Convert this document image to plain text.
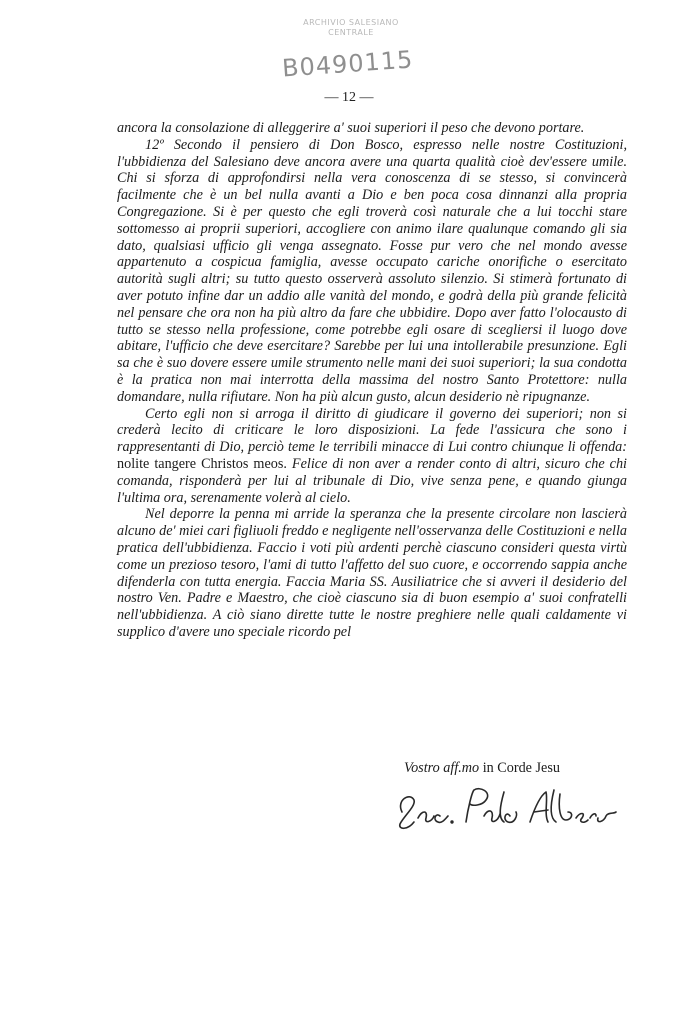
ARCHIVIO SALESIANO
CENTRALE
B0490115
— 12 —

ancora la consolazione di alleggerire a' suoi superiori il peso che devono portare.

12º Secondo il pensiero di Don Bosco, espresso nelle nostre Costituzioni, l'ubbidienza del Salesiano deve ancora avere una quarta qualità cioè dev'essere umile. Chi si sforza di approfondirsi nella vera conoscenza di se stesso, si convincerà facilmente che è un bel nulla avanti a Dio e ben poca cosa dinnanzi alla propria Congregazione. Si è per questo che egli troverà così naturale che a lui tocchi stare sottomesso ai proprii superiori, accogliere con animo ilare qualunque comando gli sia dato, qualsiasi ufficio gli venga assegnato. Fosse pur vero che nel mondo avesse appartenuto a cospicua famiglia, avesse occupato cariche onorifiche o esercitato autorità sugli altri; su tutto questo osserverà assoluto silenzio. Si stimerà fortunato di aver potuto infine dar un addio alle vanità del mondo, e godrà della più grande felicità nel pensare che ora non ha più altro da fare che ubbidire. Dopo aver fatto l'olocausto di tutto se stesso nella professione, come potrebbe egli osare di scegliersi il luogo dove abitare, l'ufficio che deve esercitare? Sarebbe per lui una intollerabile presunzione. Egli sa che è suo dovere essere umile strumento nelle mani dei suoi superiori; la sua condotta è la pratica non mai interrotta della massima del nostro Santo Protettore: nulla domandare, nulla rifiutare. Non ha più alcun gusto, alcun desiderio nè ripugnanze.

Certo egli non si arroga il diritto di giudicare il governo dei superiori; non si crederà lecito di criticare le loro disposizioni. La fede l'assicura che sono i rappresentanti di Dio, perciò teme le terribili minacce di Lui contro chiunque li offenda: nolite tangere Christos meos. Felice di non aver a render conto di altri, sicuro che chi comanda, risponderà per lui al tribunale di Dio, vive senza pene, e quando giunga l'ultima ora, serenamente volerà al cielo.

Nel deporre la penna mi arride la speranza che la presente circolare non lascierà alcuno de' miei cari figliuoli freddo e negligente nell'osservanza delle Costituzioni e nella pratica dell'ubbidienza. Faccio i voti più ardenti perchè ciascuno consideri questa virtù come un prezioso tesoro, l'ami di tutto l'affetto del suo cuore, e occorrendo sappia anche difenderla con tutta energia. Faccia Maria SS. Ausiliatrice che si avveri il desiderio del nostro Ven. Padre e Maestro, che cioè ciascuno sia di buon esempio a' suoi confratelli nell'ubbidienza. A ciò siano dirette tutte le nostre preghiere nelle quali caldamente vi supplico d'avere uno speciale ricordo pel

Vostro aff.mo in Corde Jesu
